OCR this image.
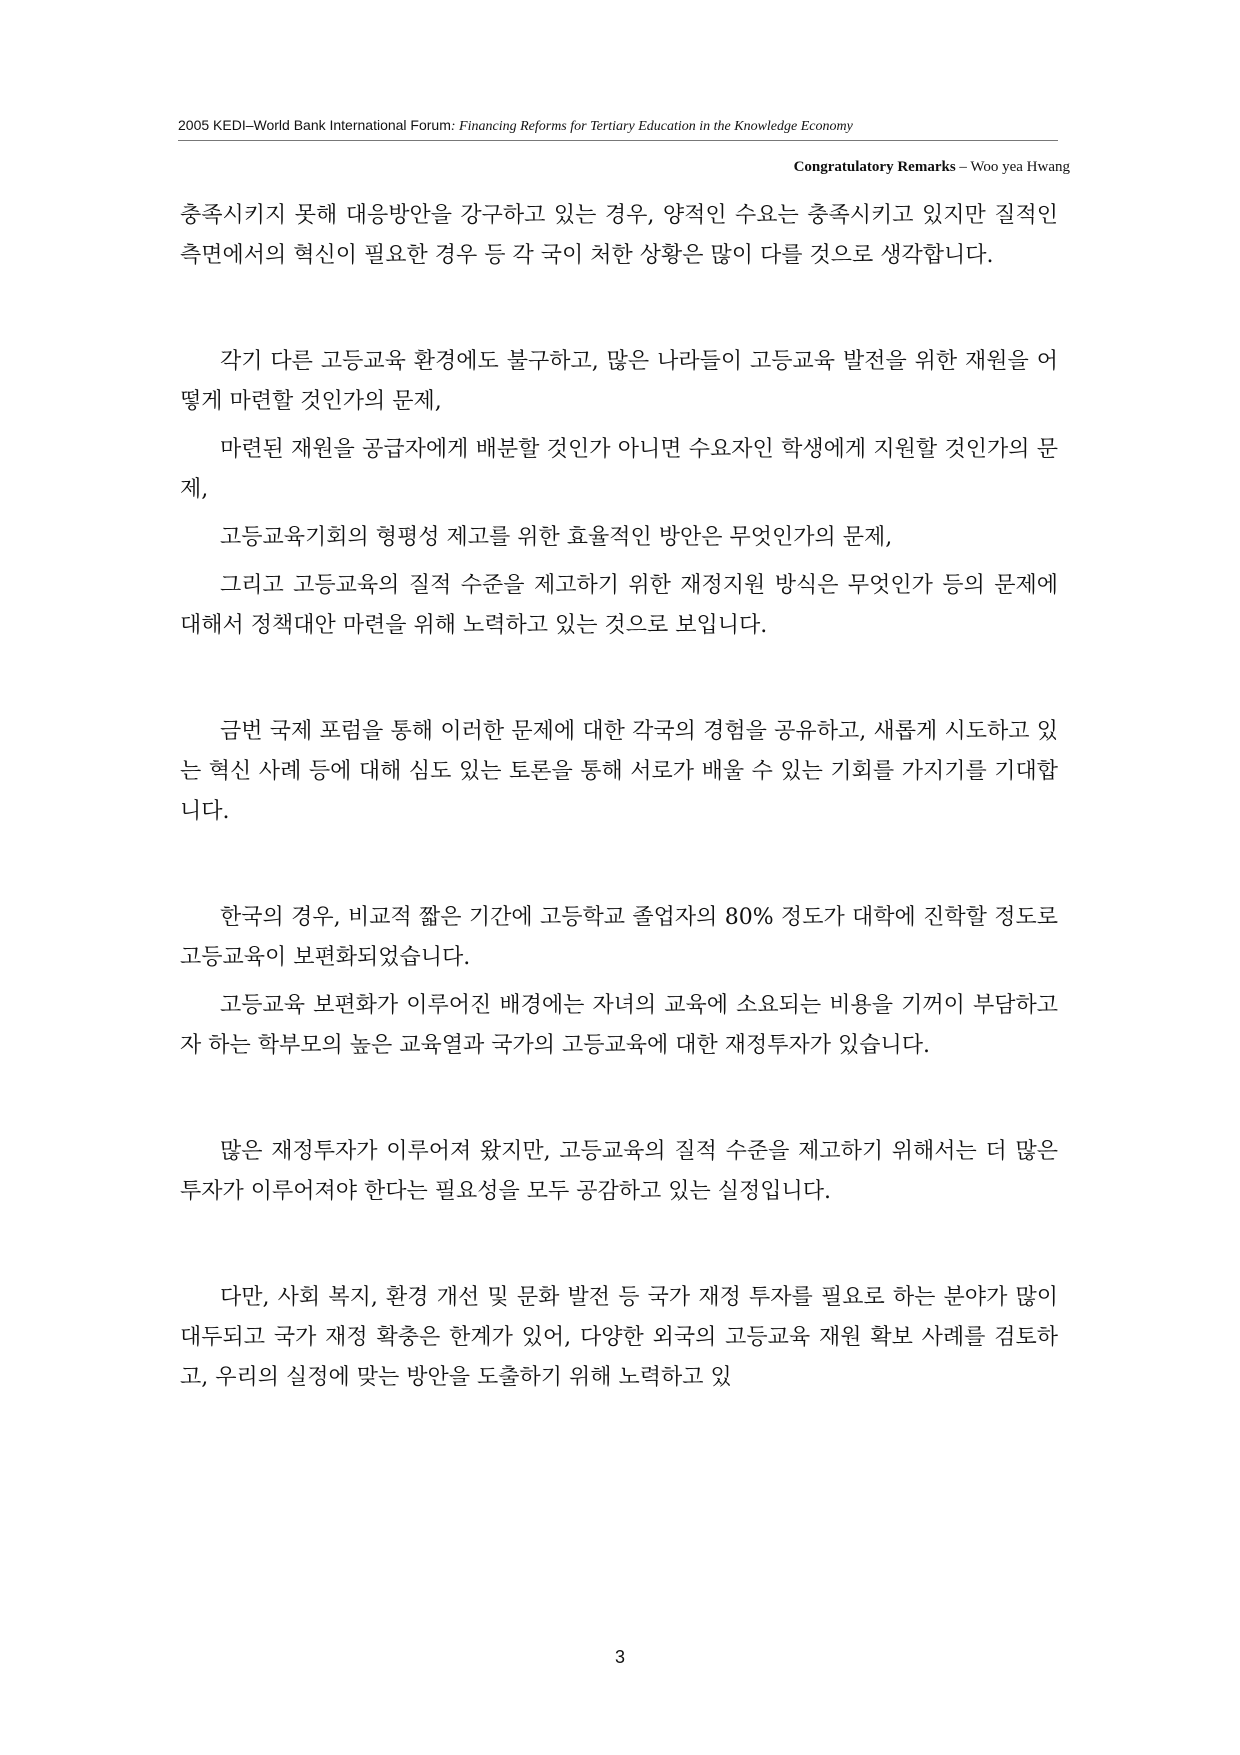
2005 KEDI–World Bank International Forum: Financing Reforms for Tertiary Education in the Knowledge Economy
Congratulatory Remarks – Woo yea Hwang

충족시키지 못해 대응방안을 강구하고 있는 경우, 양적인 수요는 충족시키고 있지만 질적인 측면에서의 혁신이 필요한 경우 등 각 국이 처한 상황은 많이 다를 것으로 생각합니다.

각기 다른 고등교육 환경에도 불구하고, 많은 나라들이 고등교육 발전을 위한 재원을 어떻게 마련할 것인가의 문제,

마련된 재원을 공급자에게 배분할 것인가 아니면 수요자인 학생에게 지원할 것인가의 문제,

고등교육기회의 형평성 제고를 위한 효율적인 방안은 무엇인가의 문제,

그리고 고등교육의 질적 수준을 제고하기 위한 재정지원 방식은 무엇인가 등의 문제에 대해서 정책대안 마련을 위해 노력하고 있는 것으로 보입니다.

금번 국제 포럼을 통해 이러한 문제에 대한 각국의 경험을 공유하고, 새롭게 시도하고 있는 혁신 사례 등에 대해 심도 있는 토론을 통해 서로가 배울 수 있는 기회를 가지기를 기대합니다.

한국의 경우, 비교적 짧은 기간에 고등학교 졸업자의 80% 정도가 대학에 진학할 정도로 고등교육이 보편화되었습니다.

고등교육 보편화가 이루어진 배경에는 자녀의 교육에 소요되는 비용을 기꺼이 부담하고자 하는 학부모의 높은 교육열과 국가의 고등교육에 대한 재정투자가 있습니다.

많은 재정투자가 이루어져 왔지만, 고등교육의 질적 수준을 제고하기 위해서는 더 많은 투자가 이루어져야 한다는 필요성을 모두 공감하고 있는 실정입니다.

다만, 사회 복지, 환경 개선 및 문화 발전 등 국가 재정 투자를 필요로 하는 분야가 많이 대두되고 국가 재정 확충은 한계가 있어, 다양한 외국의 고등교육 재원 확보 사례를 검토하고, 우리의 실정에 맞는 방안을 도출하기 위해 노력하고 있

3
